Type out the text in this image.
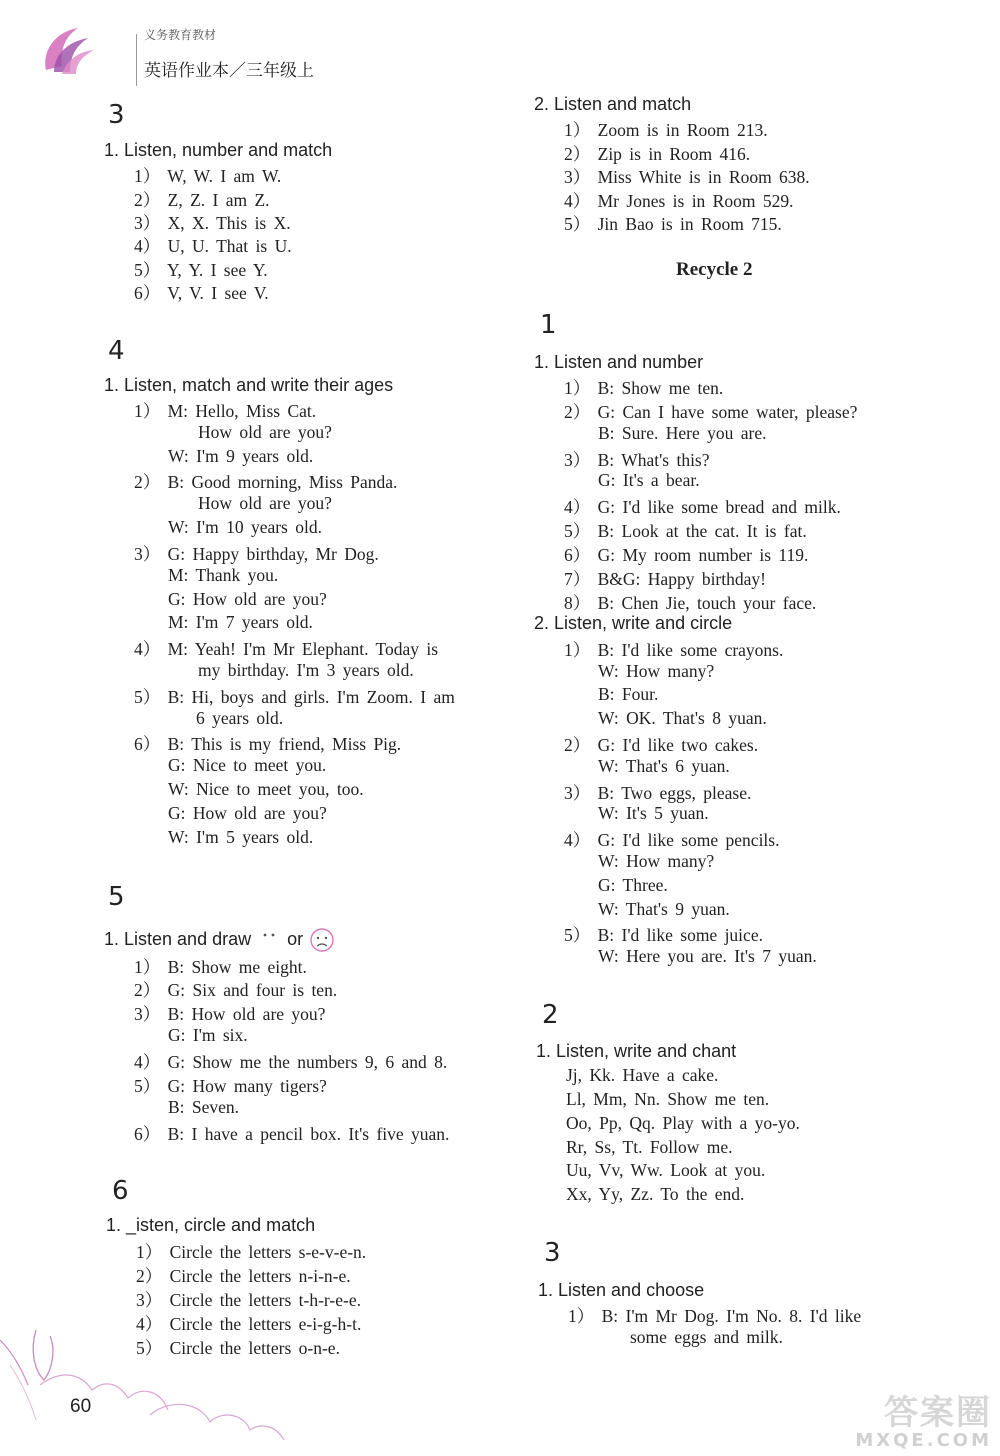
义务教育教材
英语作业本／三年级上
3
1. Listen, number and match
1） W, W. I am W.
2） Z, Z. I am Z.
3） X, X. This is X.
4） U, U. That is U.
5） Y, Y. I see Y.
6） V, V. I see V.
4
1. Listen, match and write their ages
1） M: Hello, Miss Cat.
How old are you?
W: I'm 9 years old.
2） B: Good morning, Miss Panda.
How old are you?
W: I'm 10 years old.
3） G: Happy birthday, Mr Dog.
M: Thank you.
G: How old are you?
M: I'm 7 years old.
4） M: Yeah! I'm Mr Elephant. Today is
my birthday. I'm 3 years old.
5） B: Hi, boys and girls. I'm Zoom. I am
6 years old.
6） B: This is my friend, Miss Pig.
G: Nice to meet you.
W: Nice to meet you, too.
G: How old are you?
W: I'm 5 years old.
5
1. Listen and draw or
1） B: Show me eight.
2） G: Six and four is ten.
3） B: How old are you?
G: I'm six.
4） G: Show me the numbers 9, 6 and 8.
5） G: How many tigers?
B: Seven.
6） B: I have a pencil box. It's five yuan.
6
1. _isten, circle and match
1） Circle the letters s-e-v-e-n.
2） Circle the letters n-i-n-e.
3） Circle the letters t-h-r-e-e.
4） Circle the letters e-i-g-h-t.
5） Circle the letters o-n-e.
2. Listen and match
1） Zoom is in Room 213.
2） Zip is in Room 416.
3） Miss White is in Room 638.
4） Mr Jones is in Room 529.
5） Jin Bao is in Room 715.
Recycle 2
1
1. Listen and number
1） B: Show me ten.
2） G: Can I have some water, please?
B: Sure. Here you are.
3） B: What's this?
G: It's a bear.
4） G: I'd like some bread and milk.
5） B: Look at the cat. It is fat.
6） G: My room number is 119.
7） B&G: Happy birthday!
8） B: Chen Jie, touch your face.
2. Listen, write and circle
1） B: I'd like some crayons.
W: How many?
B: Four.
W: OK. That's 8 yuan.
2） G: I'd like two cakes.
W: That's 6 yuan.
3） B: Two eggs, please.
W: It's 5 yuan.
4） G: I'd like some pencils.
W: How many?
G: Three.
W: That's 9 yuan.
5） B: I'd like some juice.
W: Here you are. It's 7 yuan.
2
1. Listen, write and chant
Jj, Kk. Have a cake.
Ll, Mm, Nn. Show me ten.
Oo, Pp, Qq. Play with a yo-yo.
Rr, Ss, Tt. Follow me.
Uu, Vv, Ww. Look at you.
Xx, Yy, Zz. To the end.
3
1. Listen and choose
1） B: I'm Mr Dog. I'm No. 8. I'd like
some eggs and milk.
60	答案圈
MXQE.COM
